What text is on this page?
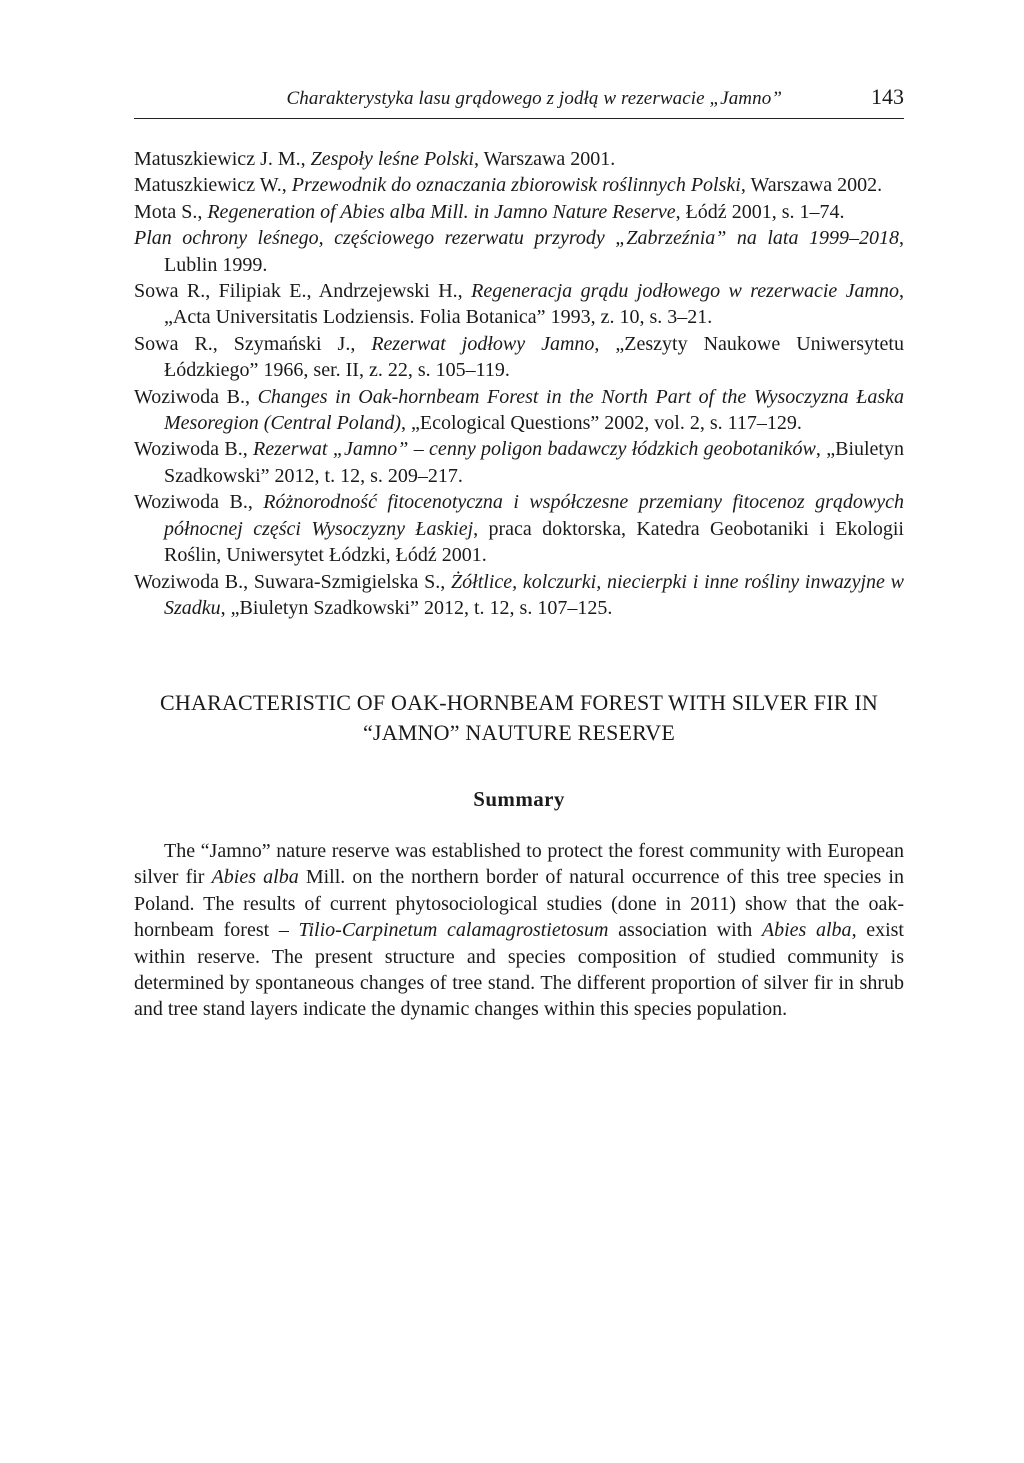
Charakterystyka lasu grądowego z jodłą w rezerwacie „Jamno”	143

Matuszkiewicz J. M., Zespoły leśne Polski, Warszawa 2001.

Matuszkiewicz W., Przewodnik do oznaczania zbiorowisk roślinnych Polski, Warszawa 2002.

Mota S., Regeneration of Abies alba Mill. in Jamno Nature Reserve, Łódź 2001, s. 1–74.

Plan ochrony leśnego, częściowego rezerwatu przyrody „Zabrzeźnia” na lata 1999–2018, Lublin 1999.

Sowa R., Filipiak E., Andrzejewski H., Regeneracja grądu jodłowego w rezerwacie Jamno, „Acta Universitatis Lodziensis. Folia Botanica” 1993, z. 10, s. 3–21.

Sowa R., Szymański J., Rezerwat jodłowy Jamno, „Zeszyty Naukowe Uniwersytetu Łódzkiego” 1966, ser. II, z. 22, s. 105–119.

Woziwoda B., Changes in Oak-hornbeam Forest in the North Part of the Wysoczyzna Łaska Mesoregion (Central Poland), „Ecological Questions” 2002, vol. 2, s. 117–129.

Woziwoda B., Rezerwat „Jamno” – cenny poligon badawczy łódzkich geobotaników, „Biuletyn Szadkowski” 2012, t. 12, s. 209–217.

Woziwoda B., Różnorodność fitocenotyczna i współczesne przemiany fitocenoz grądowych północnej części Wysoczyzny Łaskiej, praca doktorska, Katedra Geobotaniki i Ekologii Roślin, Uniwersytet Łódzki, Łódź 2001.

Woziwoda B., Suwara-Szmigielska S., Żółtlice, kolczurki, niecierpki i inne rośliny inwazyjne w Szadku, „Biuletyn Szadkowski” 2012, t. 12, s. 107–125.

CHARACTERISTIC OF OAK-HORNBEAM FOREST WITH SILVER FIR IN
“JAMNO” NAUTURE RESERVE
Summary

The “Jamno” nature reserve was established to protect the forest community with European silver fir Abies alba Mill. on the northern border of natural occurrence of this tree species in Poland. The results of current phytosociological studies (done in 2011) show that the oak-hornbeam forest – Tilio-Carpinetum calamagrostietosum association with Abies alba, exist within reserve. The present structure and species composition of studied community is determined by spontaneous changes of tree stand. The different proportion of silver fir in shrub and tree stand layers indicate the dynamic changes within this species population.
